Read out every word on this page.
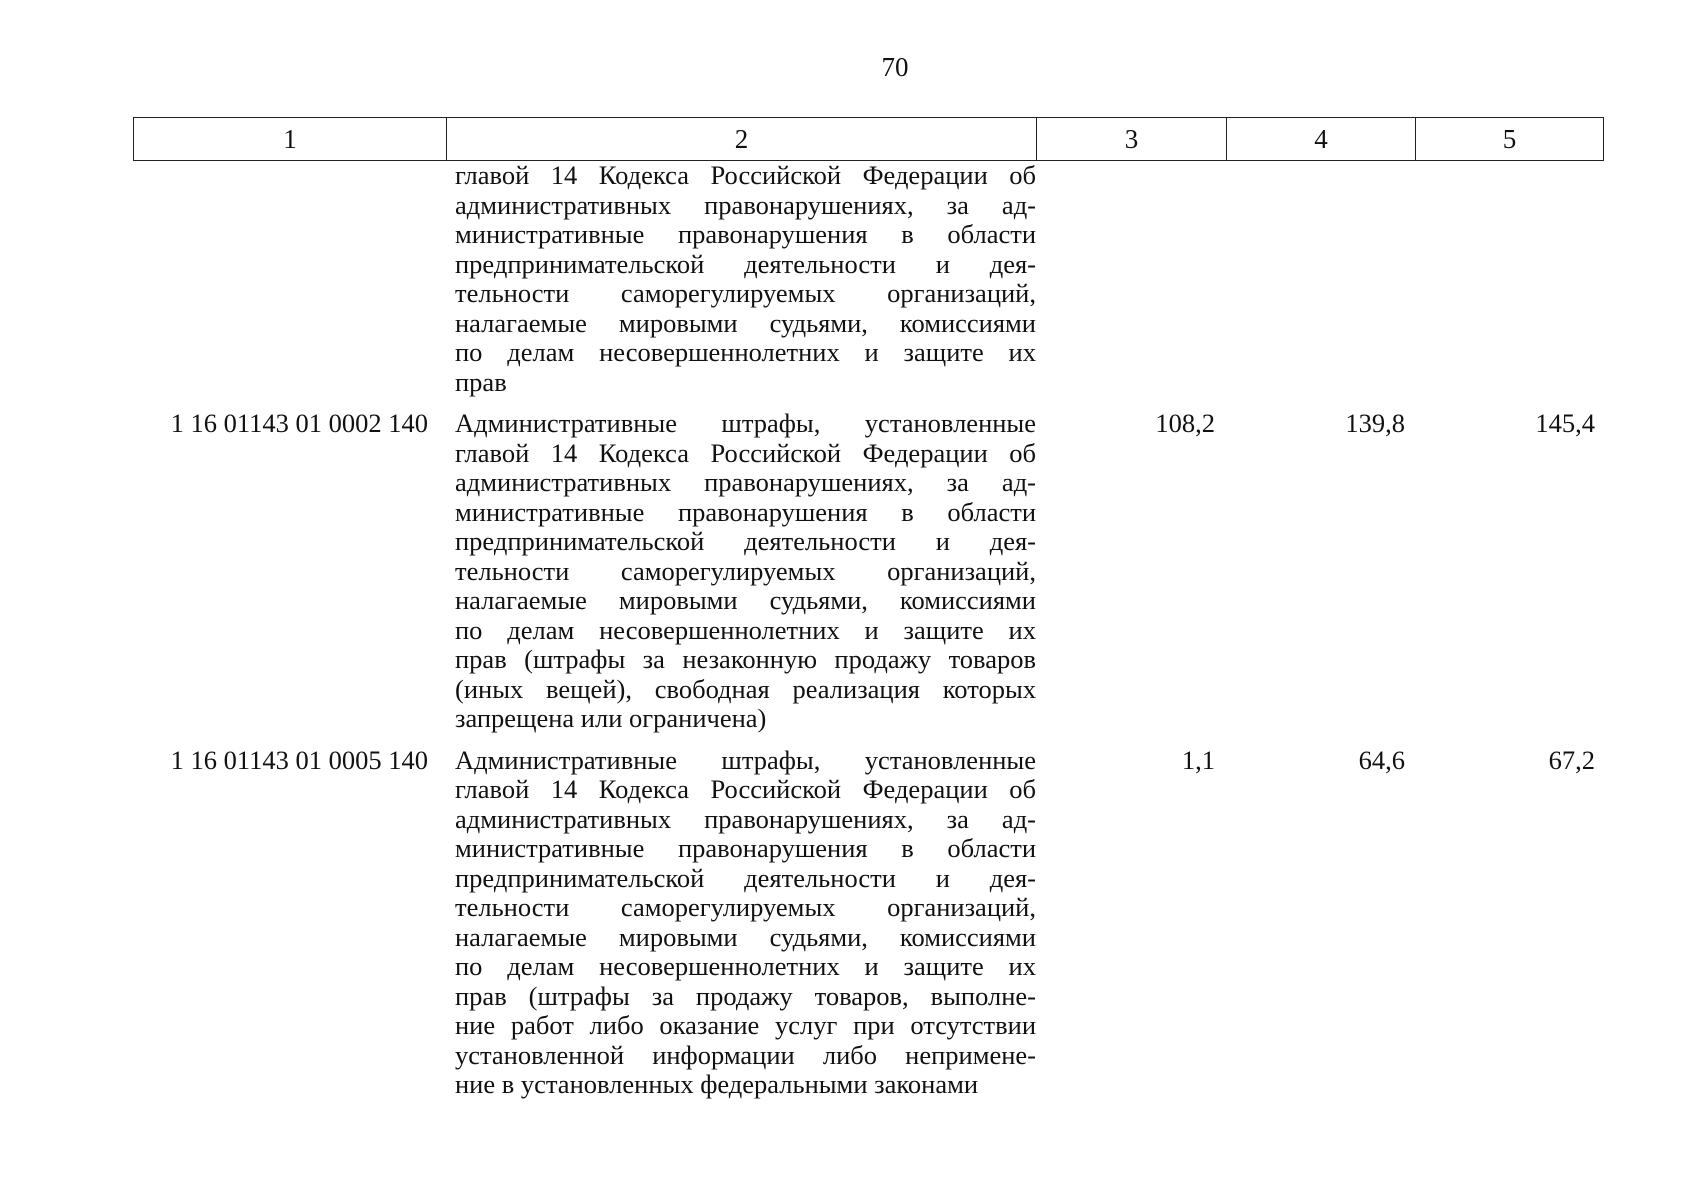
70
1	2	3	4	5
главой 14 Кодекса Российской Федерации об
административных правонарушениях, за ад-
министративные правонарушения в области
предпринимательской деятельности и дея-
тельности саморегулируемых организаций,
налагаемые мировыми судьями, комиссиями
по делам несовершеннолетних и защите их
прав
1 16 01143 01 0002 140	Административные штрафы, установленные
главой 14 Кодекса Российской Федерации об
административных правонарушениях, за ад-
министративные правонарушения в области
предпринимательской деятельности и дея-
тельности саморегулируемых организаций,
налагаемые мировыми судьями, комиссиями
по делам несовершеннолетних и защите их
прав (штрафы за незаконную продажу товаров
(иных вещей), свободная реализация которых
запрещена или ограничена)
108,2	139,8	145,4
1 16 01143 01 0005 140	Административные штрафы, установленные
главой 14 Кодекса Российской Федерации об
административных правонарушениях, за ад-
министративные правонарушения в области
предпринимательской деятельности и дея-
тельности саморегулируемых организаций,
налагаемые мировыми судьями, комиссиями
по делам несовершеннолетних и защите их
прав (штрафы за продажу товаров, выполне-
ние работ либо оказание услуг при отсутствии
установленной информации либо непримене-
ние в установленных федеральными законами
1,1	64,6	67,2
